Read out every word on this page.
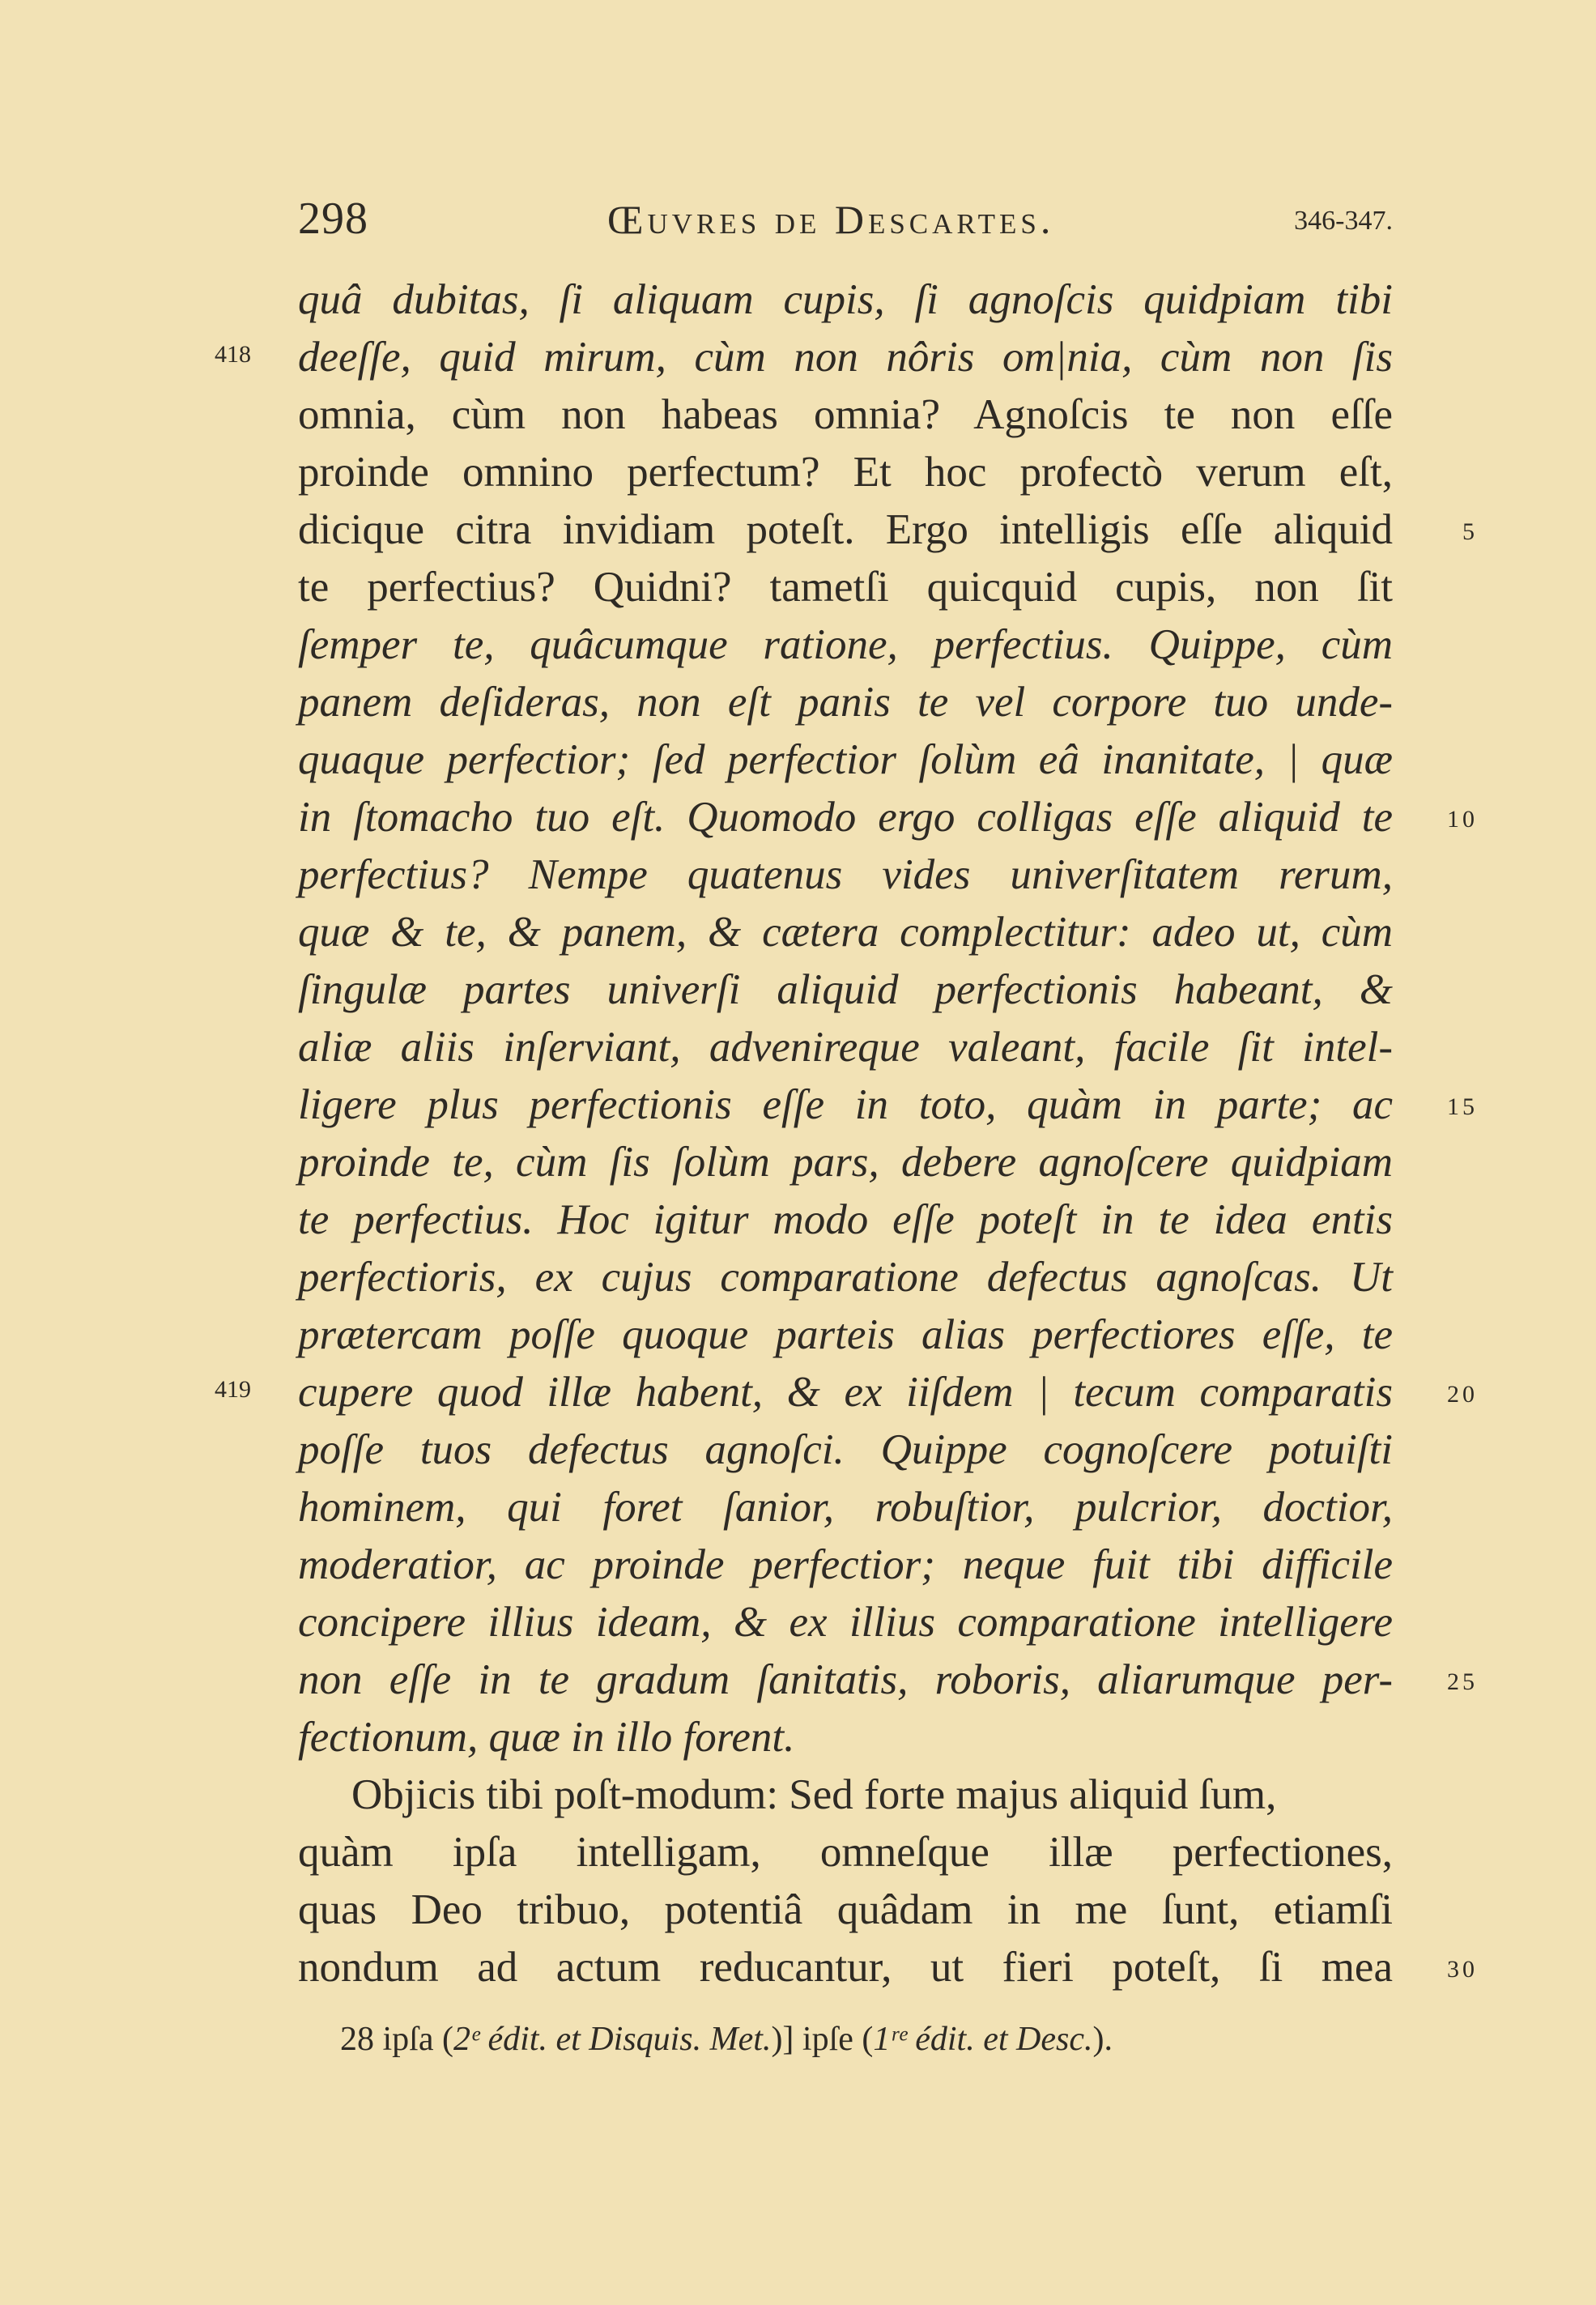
298	Œuvres de Descartes.	346-347.
quâ dubitas, ſi aliquam cupis, ſi agnoſcis quidpiam tibi
deeſſe, quid mirum, cùm non nôris om|nia, cùm non ſis
418
omnia, cùm non habeas omnia? Agnoſcis te non eſſe
proinde omnino perfectum? Et hoc profectò verum eſt,
dicique citra invidiam poteſt. Ergo intelligis eſſe aliquid	5
te perfectius? Quidni? tametſi quicquid cupis, non ſit
ſemper te, quâcumque ratione, perfectius. Quippe, cùm
panem deſideras, non eſt panis te vel corpore tuo unde-
quaque perfectior; ſed perfectior ſolùm eâ inanitate, | quæ
in ſtomacho tuo eſt. Quomodo ergo colligas eſſe aliquid te 10
perfectius? Nempe quatenus vides univerſitatem rerum,
quæ & te, & panem, & cætera complectitur: adeo ut, cùm
ſingulæ partes univerſi aliquid perfectionis habeant, &
aliæ aliis inſerviant, advenireque valeant, facile ſit intel-
ligere plus perfectionis eſſe in toto, quàm in parte; ac 15
proinde te, cùm ſis ſolùm pars, debere agnoſcere quidpiam
te perfectius. Hoc igitur modo eſſe poteſt in te idea entis
perfectioris, ex cujus comparatione defectus agnoſcas. Ut
prætercam poſſe quoque parteis alias perfectiores eſſe, te
cupere quod illæ habent, & ex iiſdem | tecum comparatis
419	20
poſſe tuos defectus agnoſci. Quippe cognoſcere potuiſti
hominem, qui foret ſanior, robuſtior, pulcrior, doctior,
moderatior, ac proinde perfectior; neque fuit tibi difficile
concipere illius ideam, & ex illius comparatione intelligere
non eſſe in te gradum ſanitatis, roboris, aliarumque per- 25
fectionum, quæ in illo forent.
Objicis tibi poſt-modum: Sed forte majus aliquid ſum,
quàm ipſa intelligam, omneſque illæ perfectiones,
quas Deo tribuo, potentiâ quâdam in me ſunt, etiamſi
nondum ad actum reducantur, ut fieri poteſt, ſi mea 30
28 ipſa (2ᵉ édit. et Disquis. Met.)] ipſe (1ʳᵉ édit. et Desc.).
